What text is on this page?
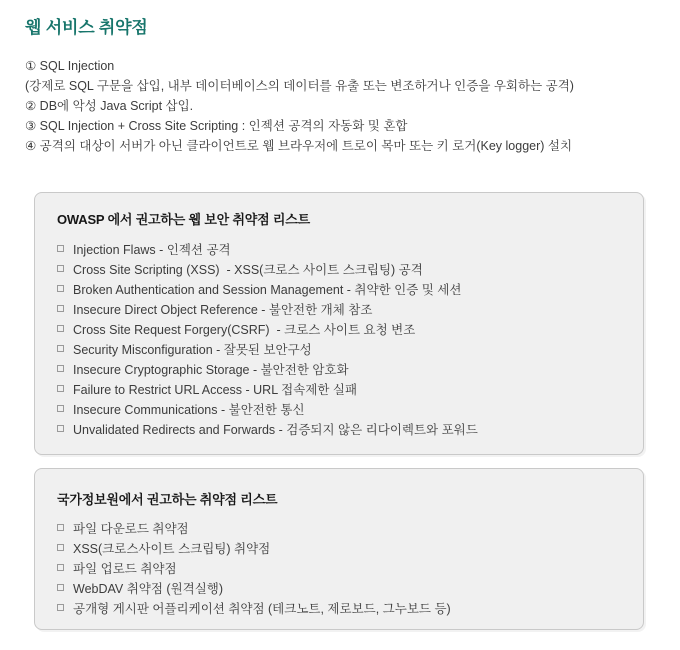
웹 서비스 취약점
① SQL Injection
(강제로 SQL 구문을 삽입, 내부 데이터베이스의 데이터를 유출 또는 변조하거나 인증을 우회하는 공격)
② DB에 악성 Java Script 삽입.
③ SQL Injection + Cross Site Scripting : 인젝션 공격의 자동화 및 혼합
④ 공격의 대상이 서버가 아닌 클라이언트로 웹 브라우저에 트로이 목마 또는 키 로거(Key logger) 설치
OWASP 에서 권고하는 웹 보안 취약점 리스트
Injection Flaws - 인젝션 공격
Cross Site Scripting (XSS)  - XSS(크로스 사이트 스크립팅) 공격
Broken Authentication and Session Management - 취약한 인증 및 세션
Insecure Direct Object Reference - 불안전한 개체 참조
Cross Site Request Forgery(CSRF)  - 크로스 사이트 요청 변조
Security Misconfiguration - 잘못된 보안구성
Insecure Cryptographic Storage - 불안전한 암호화
Failure to Restrict URL Access - URL 접속제한 실패
Insecure Communications - 불안전한 통신
Unvalidated Redirects and Forwards - 검증되지 않은 리다이렉트와 포워드
국가정보원에서 권고하는 취약점 리스트
파일 다운로드 취약점
XSS(크로스사이트 스크립팅) 취약점
파일 업로드 취약점
WebDAV 취약점 (원격실행)
공개형 게시판 어플리케이션 취약점 (테크노트, 제로보드, 그누보드 등)
